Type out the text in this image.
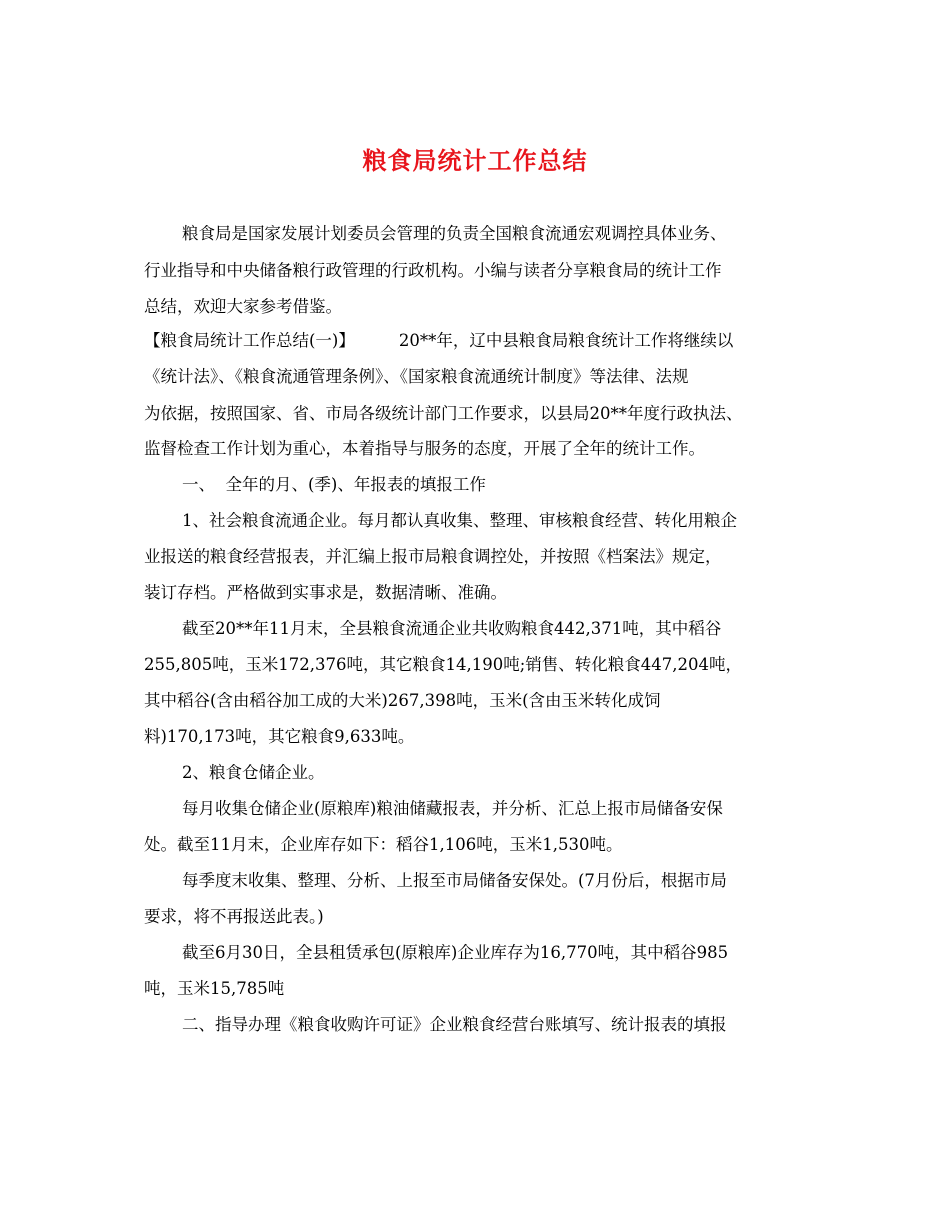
粮食局统计工作总结
粮食局是国家发展计划委员会管理的负责全国粮食流通宏观调控具体业务、
行业指导和中央储备粮行政管理的行政机构。小编与读者分享粮食局的统计工作
总结，欢迎大家参考借鉴。
【粮食局统计工作总结(一)】	20**年，辽中县粮食局粮食统计工作将继续以
《统计法》、《粮食流通管理条例》、《国家粮食流通统计制度》等法律、法规
为依据，按照国家、省、市局各级统计部门工作要求，以县局20**年度行政执法、
监督检查工作计划为重心，本着指导与服务的态度，开展了全年的统计工作。
一、  全年的月、(季)、年报表的填报工作
1、社会粮食流通企业。每月都认真收集、整理、审核粮食经营、转化用粮企
业报送的粮食经营报表，并汇编上报市局粮食调控处，并按照《档案法》规定，
装订存档。严格做到实事求是，数据清晰、准确。
截至20**年11月末，全县粮食流通企业共收购粮食442,371吨，其中稻谷
255,805吨，玉米172,376吨，其它粮食14,190吨;销售、转化粮食447,204吨，
其中稻谷(含由稻谷加工成的大米)267,398吨，玉米(含由玉米转化成饲
料)170,173吨，其它粮食9,633吨。
2、粮食仓储企业。
每月收集仓储企业(原粮库)粮油储藏报表，并分析、汇总上报市局储备安保
处。截至11月末，企业库存如下：稻谷1,106吨，玉米1,530吨。
每季度末收集、整理、分析、上报至市局储备安保处。(7月份后，根据市局
要求，将不再报送此表。)
截至6月30日，全县租赁承包(原粮库)企业库存为16,770吨，其中稻谷985
吨，玉米15,785吨
二、指导办理《粮食收购许可证》企业粮食经营台账填写、统计报表的填报
